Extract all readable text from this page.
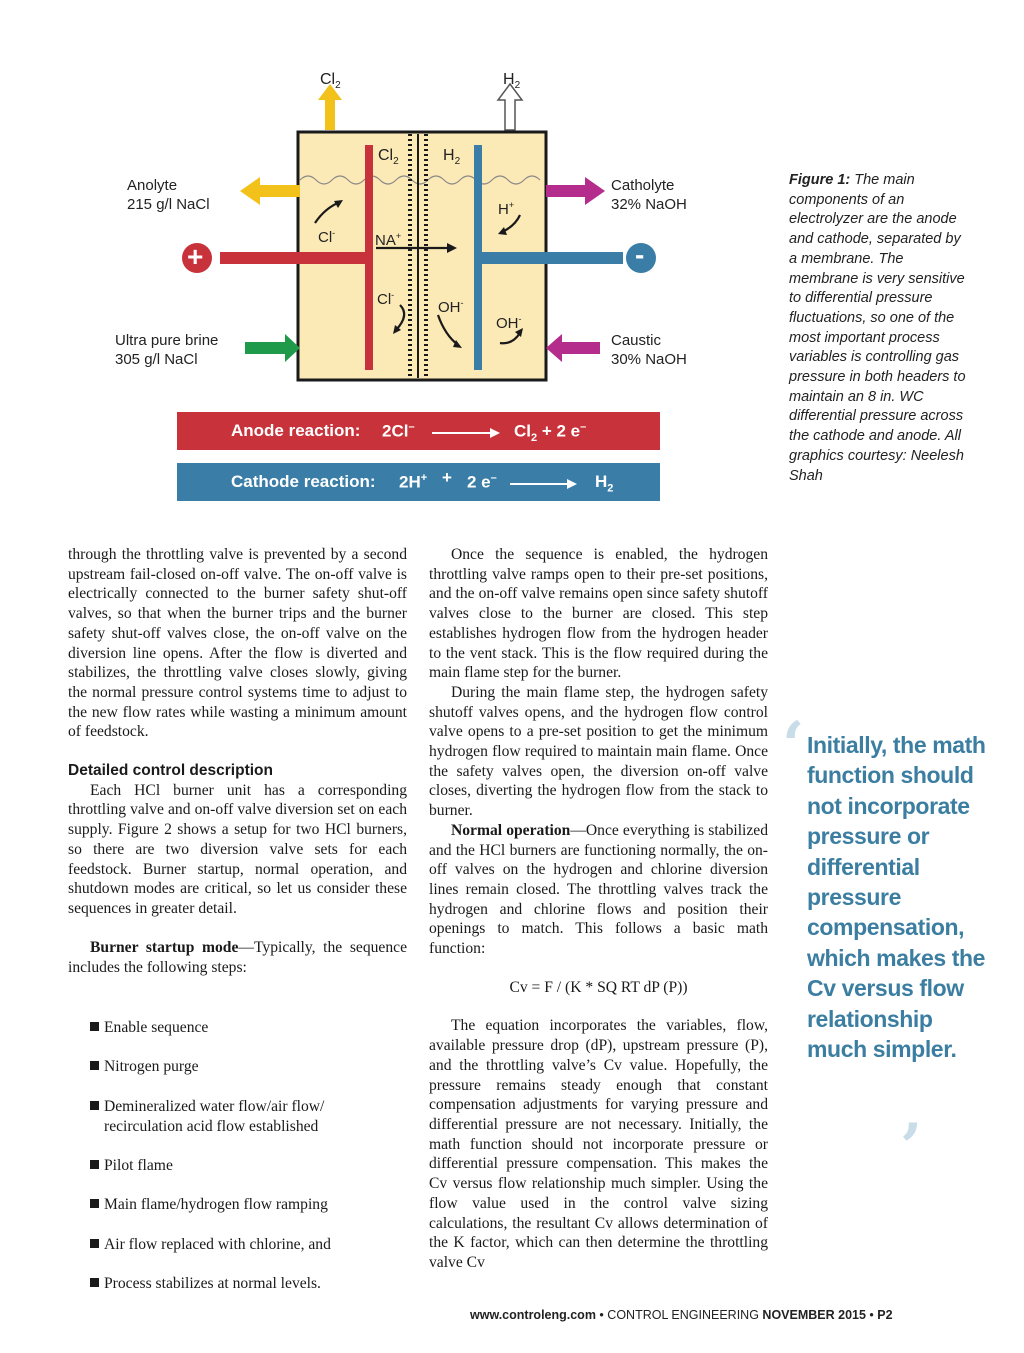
$Cl_2$	$H_2$
$Cl_2$	$H_2$
Anolyte
215 g/l NaCl
Catholyte
32% NaOH
Ultra pure brine
305 g/l NaCl
Caustic
30% NaOH
+	-
Cl-	NA+
H+
Cl-
OH-
OH-
Anode reaction: 2Cl–	$Cl_2 + 2$ e–
Cathode reaction: 2H+ + 2 e–	$H_2$
Figure 1: The main components of an electrolyzer are the anode and cathode, separated by a membrane. The membrane is very sensitive to differential pressure fluctuations, so one of the most important process variables is controlling gas pressure in both headers to maintain an 8 in. WC differential pressure across the cathode and anode. All graphics courtesy: Neelesh Shah

through the throttling valve is prevented by a second upstream fail-closed on-off valve. The on-off valve is electrically connected to the burner safety shut-off valves, so that when the burner trips and the burner safety shut-off valves close, the on-off valve on the diversion line opens. After the flow is diverted and stabilizes, the throttling valve closes slowly, giving the normal pressure control systems time to adjust to the new flow rates while wasting a minimum amount of feedstock.

Detailed control description

Each HCl burner unit has a corresponding throttling valve and on-off valve diversion set on each supply. Figure 2 shows a setup for two HCl burners, so there are two diversion valve sets for each feedstock. Burner startup, normal operation, and shutdown modes are critical, so let us consider these sequences in greater detail.

Burner startup mode—Typically, the sequence includes the following steps:

Enable sequence
Nitrogen purge
Demineralized water flow/air flow/ recirculation acid flow established
Pilot flame
Main flame/hydrogen flow ramping
Air flow replaced with chlorine, and
Process stabilizes at normal levels.

Once the sequence is enabled, the hydrogen throttling valve ramps open to their pre-set positions, and the on-off valve remains open since safety shutoff valves close to the burner are closed. This step establishes hydrogen flow from the hydrogen header to the vent stack. This is the flow required during the main flame step for the burner.

During the main flame step, the hydrogen safety shutoff valves opens, and the hydrogen flow control valve opens to a pre-set position to get the minimum hydrogen flow required to maintain main flame. Once the safety valves open, the diversion on-off valve closes, diverting the hydrogen flow from the stack to burner.

Normal operation—Once everything is stabilized and the HCl burners are functioning normally, the on-off valves on the hydrogen and chlorine diversion lines remain closed. The throttling valves track the hydrogen and chlorine flows and position their openings to match. This follows a basic math function:

Cv = F / (K * SQ RT dP (P))

The equation incorporates the variables, flow, available pressure drop (dP), upstream pressure (P), and the throttling valve’s Cv value. Hopefully, the pressure remains steady enough that constant compensation adjustments for varying pressure and differential pressure are not necessary. Initially, the math function should not incorporate pressure or differential pressure compensation. This makes the Cv versus flow relationship much simpler. Using the flow value used in the control valve sizing calculations, the resultant Cv allows determination of the K factor, which can then determine the throttling valve Cv

‘ Initially, the math function should not incorporate pressure or differential pressure compensation, which makes the Cv versus flow relationship much simpler.
’
www.controleng.com • CONTROL ENGINEERING NOVEMBER 2015 • P2
